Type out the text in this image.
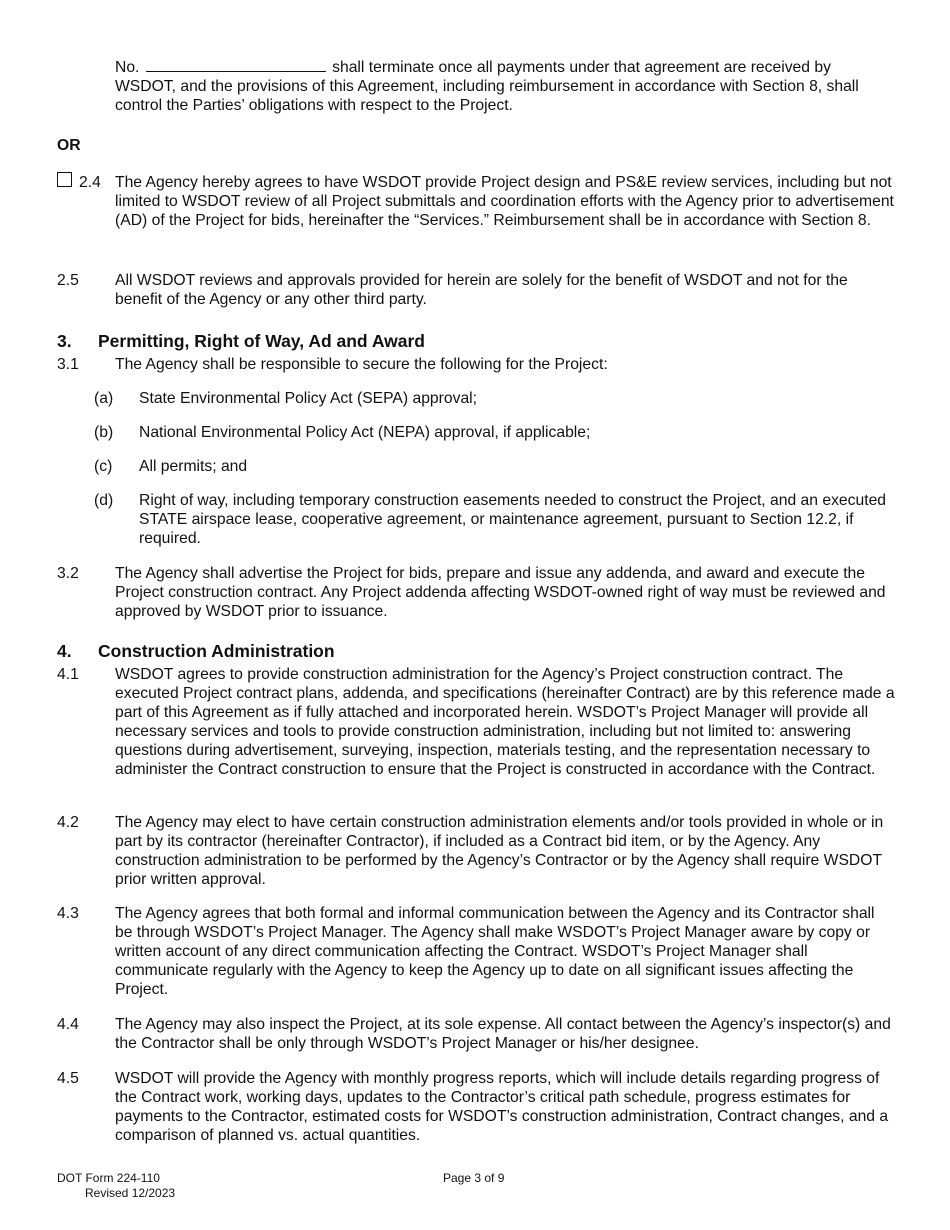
No.	shall terminate once all payments under that agreement are received by WSDOT, and the provisions of this Agreement, including reimbursement in accordance with Section 8, shall control the Parties’ obligations with respect to the Project.

OR

2.4 The Agency hereby agrees to have WSDOT provide Project design and PS&E review services, including but not limited to WSDOT review of all Project submittals and coordination efforts with the Agency prior to advertisement (AD) of the Project for bids, hereinafter the “Services.” Reimbursement shall be in accordance with Section 8.

2.5 All WSDOT reviews and approvals provided for herein are solely for the benefit of WSDOT and not for the benefit of the Agency or any other third party.

3. Permitting, Right of Way, Ad and Award

3.1 The Agency shall be responsible to secure the following for the Project:

(a) State Environmental Policy Act (SEPA) approval;

(b) National Environmental Policy Act (NEPA) approval, if applicable;

(c) All permits; and

(d) Right of way, including temporary construction easements needed to construct the Project, and an executed STATE airspace lease, cooperative agreement, or maintenance agreement, pursuant to Section 12.2, if required.

3.2 The Agency shall advertise the Project for bids, prepare and issue any addenda, and award and execute the Project construction contract. Any Project addenda affecting WSDOT-owned right of way must be reviewed and approved by WSDOT prior to issuance.

4. Construction Administration

4.1 WSDOT agrees to provide construction administration for the Agency’s Project construction contract. The executed Project contract plans, addenda, and specifications (hereinafter Contract) are by this reference made a part of this Agreement as if fully attached and incorporated herein. WSDOT’s Project Manager will provide all necessary services and tools to provide construction administration, including but not limited to: answering questions during advertisement, surveying, inspection, materials testing, and the representation necessary to administer the Contract construction to ensure that the Project is constructed in accordance with the Contract.

4.2 The Agency may elect to have certain construction administration elements and/or tools provided in whole or in part by its contractor (hereinafter Contractor), if included as a Contract bid item, or by the Agency. Any construction administration to be performed by the Agency’s Contractor or by the Agency shall require WSDOT prior written approval.

4.3 The Agency agrees that both formal and informal communication between the Agency and its Contractor shall be through WSDOT’s Project Manager. The Agency shall make WSDOT’s Project Manager aware by copy or written account of any direct communication affecting the Contract. WSDOT’s Project Manager shall communicate regularly with the Agency to keep the Agency up to date on all significant issues affecting the Project.

4.4 The Agency may also inspect the Project, at its sole expense. All contact between the Agency’s inspector(s) and the Contractor shall be only through WSDOT’s Project Manager or his/her designee.

4.5 WSDOT will provide the Agency with monthly progress reports, which will include details regarding progress of the Contract work, working days, updates to the Contractor’s critical path schedule, progress estimates for payments to the Contractor, estimated costs for WSDOT’s construction administration, Contract changes, and a comparison of planned vs. actual quantities.

DOT Form 224-110

Revised 12/2023

Page 3 of 9
